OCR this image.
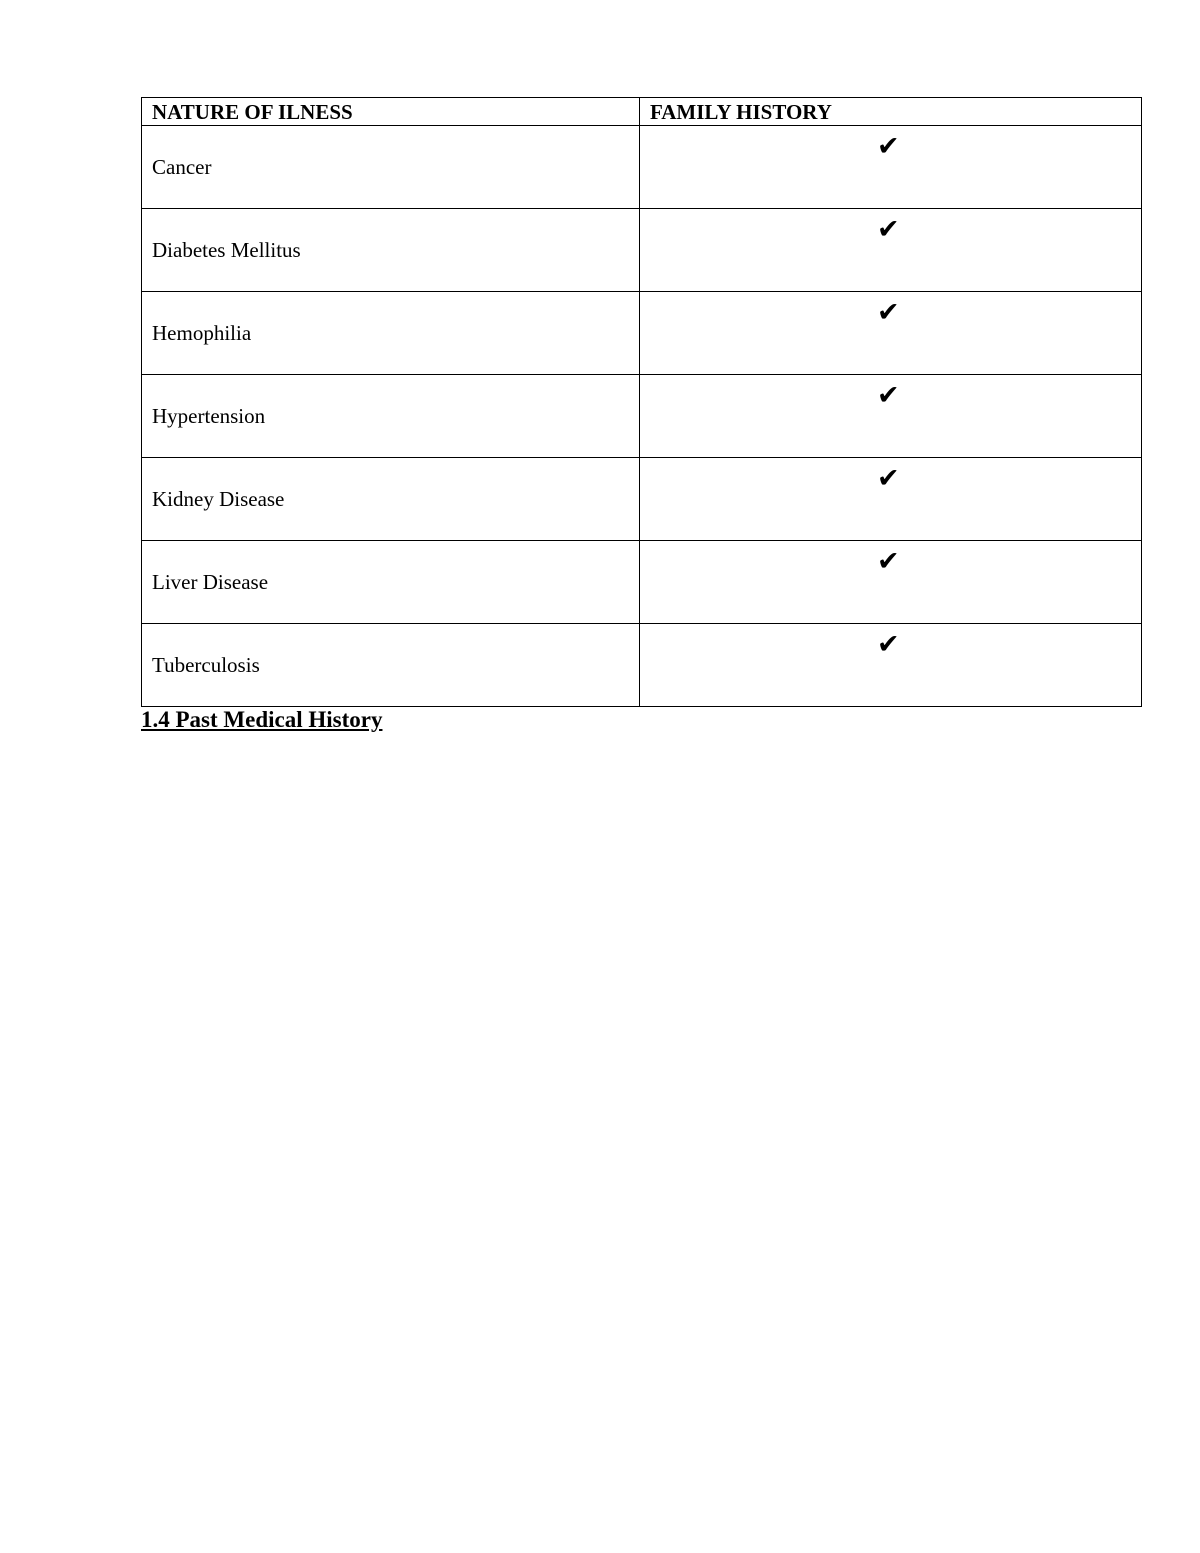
NATURE OF ILNESS	FAMILY HISTORY
Cancer	✔

Diabetes Mellitus	✔

Hemophilia	✔

Hypertension	✔

Kidney Disease	✔

Liver Disease	✔

Tuberculosis	✔
1.4 Past Medical History
